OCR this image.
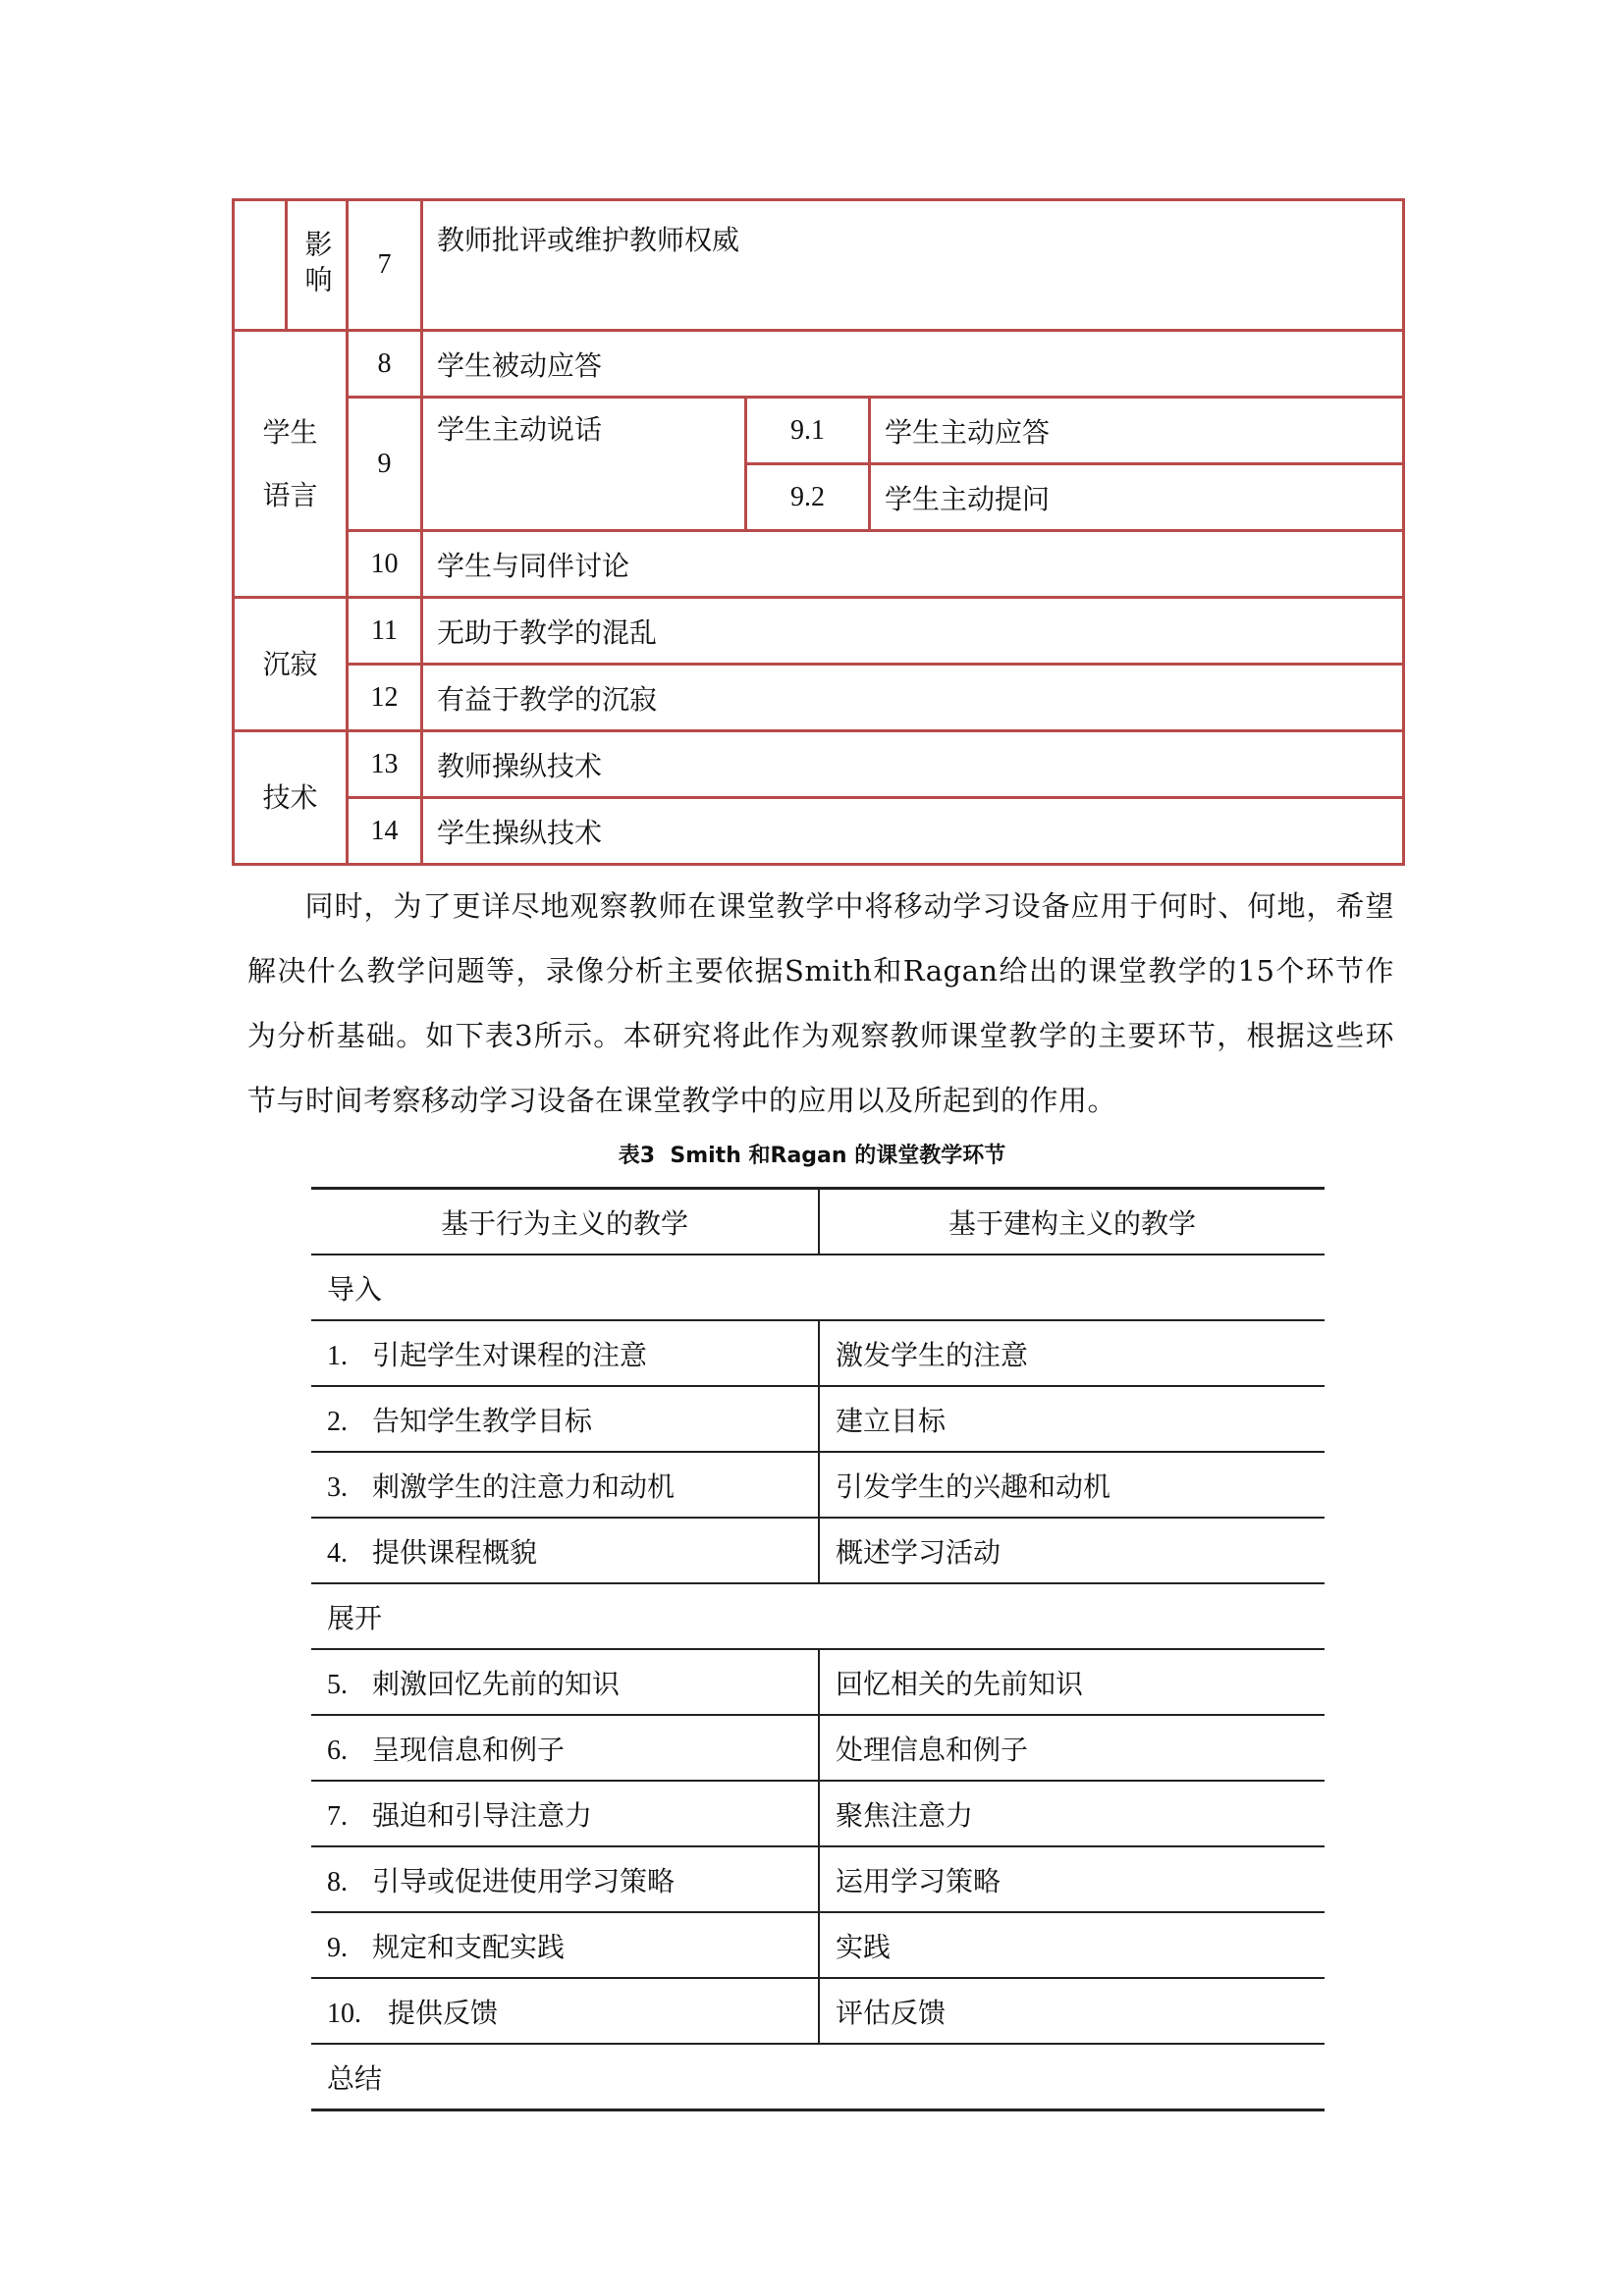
	影响	7	教师批评或维护教师权威		

学生语言		8	学生被动应答		
		9	学生主动说话	9.1	学生主动应答
				9.2	学生主动提问
		10	学生与同伴讨论		
沉寂		11	无助于教学的混乱		
		12	有益于教学的沉寂		
技术		13	教师操纵技术		
		14	学生操纵技术		
同时，为了更详尽地观察教师在课堂教学中将移动学习设备应用于何时、何地，希望解决什么教学问题等，录像分析主要依据Smith和Ragan给出的课堂教学的15个环节作为分析基础。如下表3所示。本研究将此作为观察教师课堂教学的主要环节，根据这些环节与时间考察移动学习设备在课堂教学中的应用以及所起到的作用。
表3  Smith 和Ragan 的课堂教学环节
基于行为主义的教学	基于建构主义的教学
导入	
1. 引起学生对课程的注意	激发学生的注意
2. 告知学生教学目标	建立目标
3. 刺激学生的注意力和动机	引发学生的兴趣和动机
4. 提供课程概貌	概述学习活动
展开	
5. 刺激回忆先前的知识	回忆相关的先前知识
6. 呈现信息和例子	处理信息和例子
7. 强迫和引导注意力	聚焦注意力
8. 引导或促进使用学习策略	运用学习策略
9. 规定和支配实践	实践
10. 提供反馈	评估反馈
总结	
